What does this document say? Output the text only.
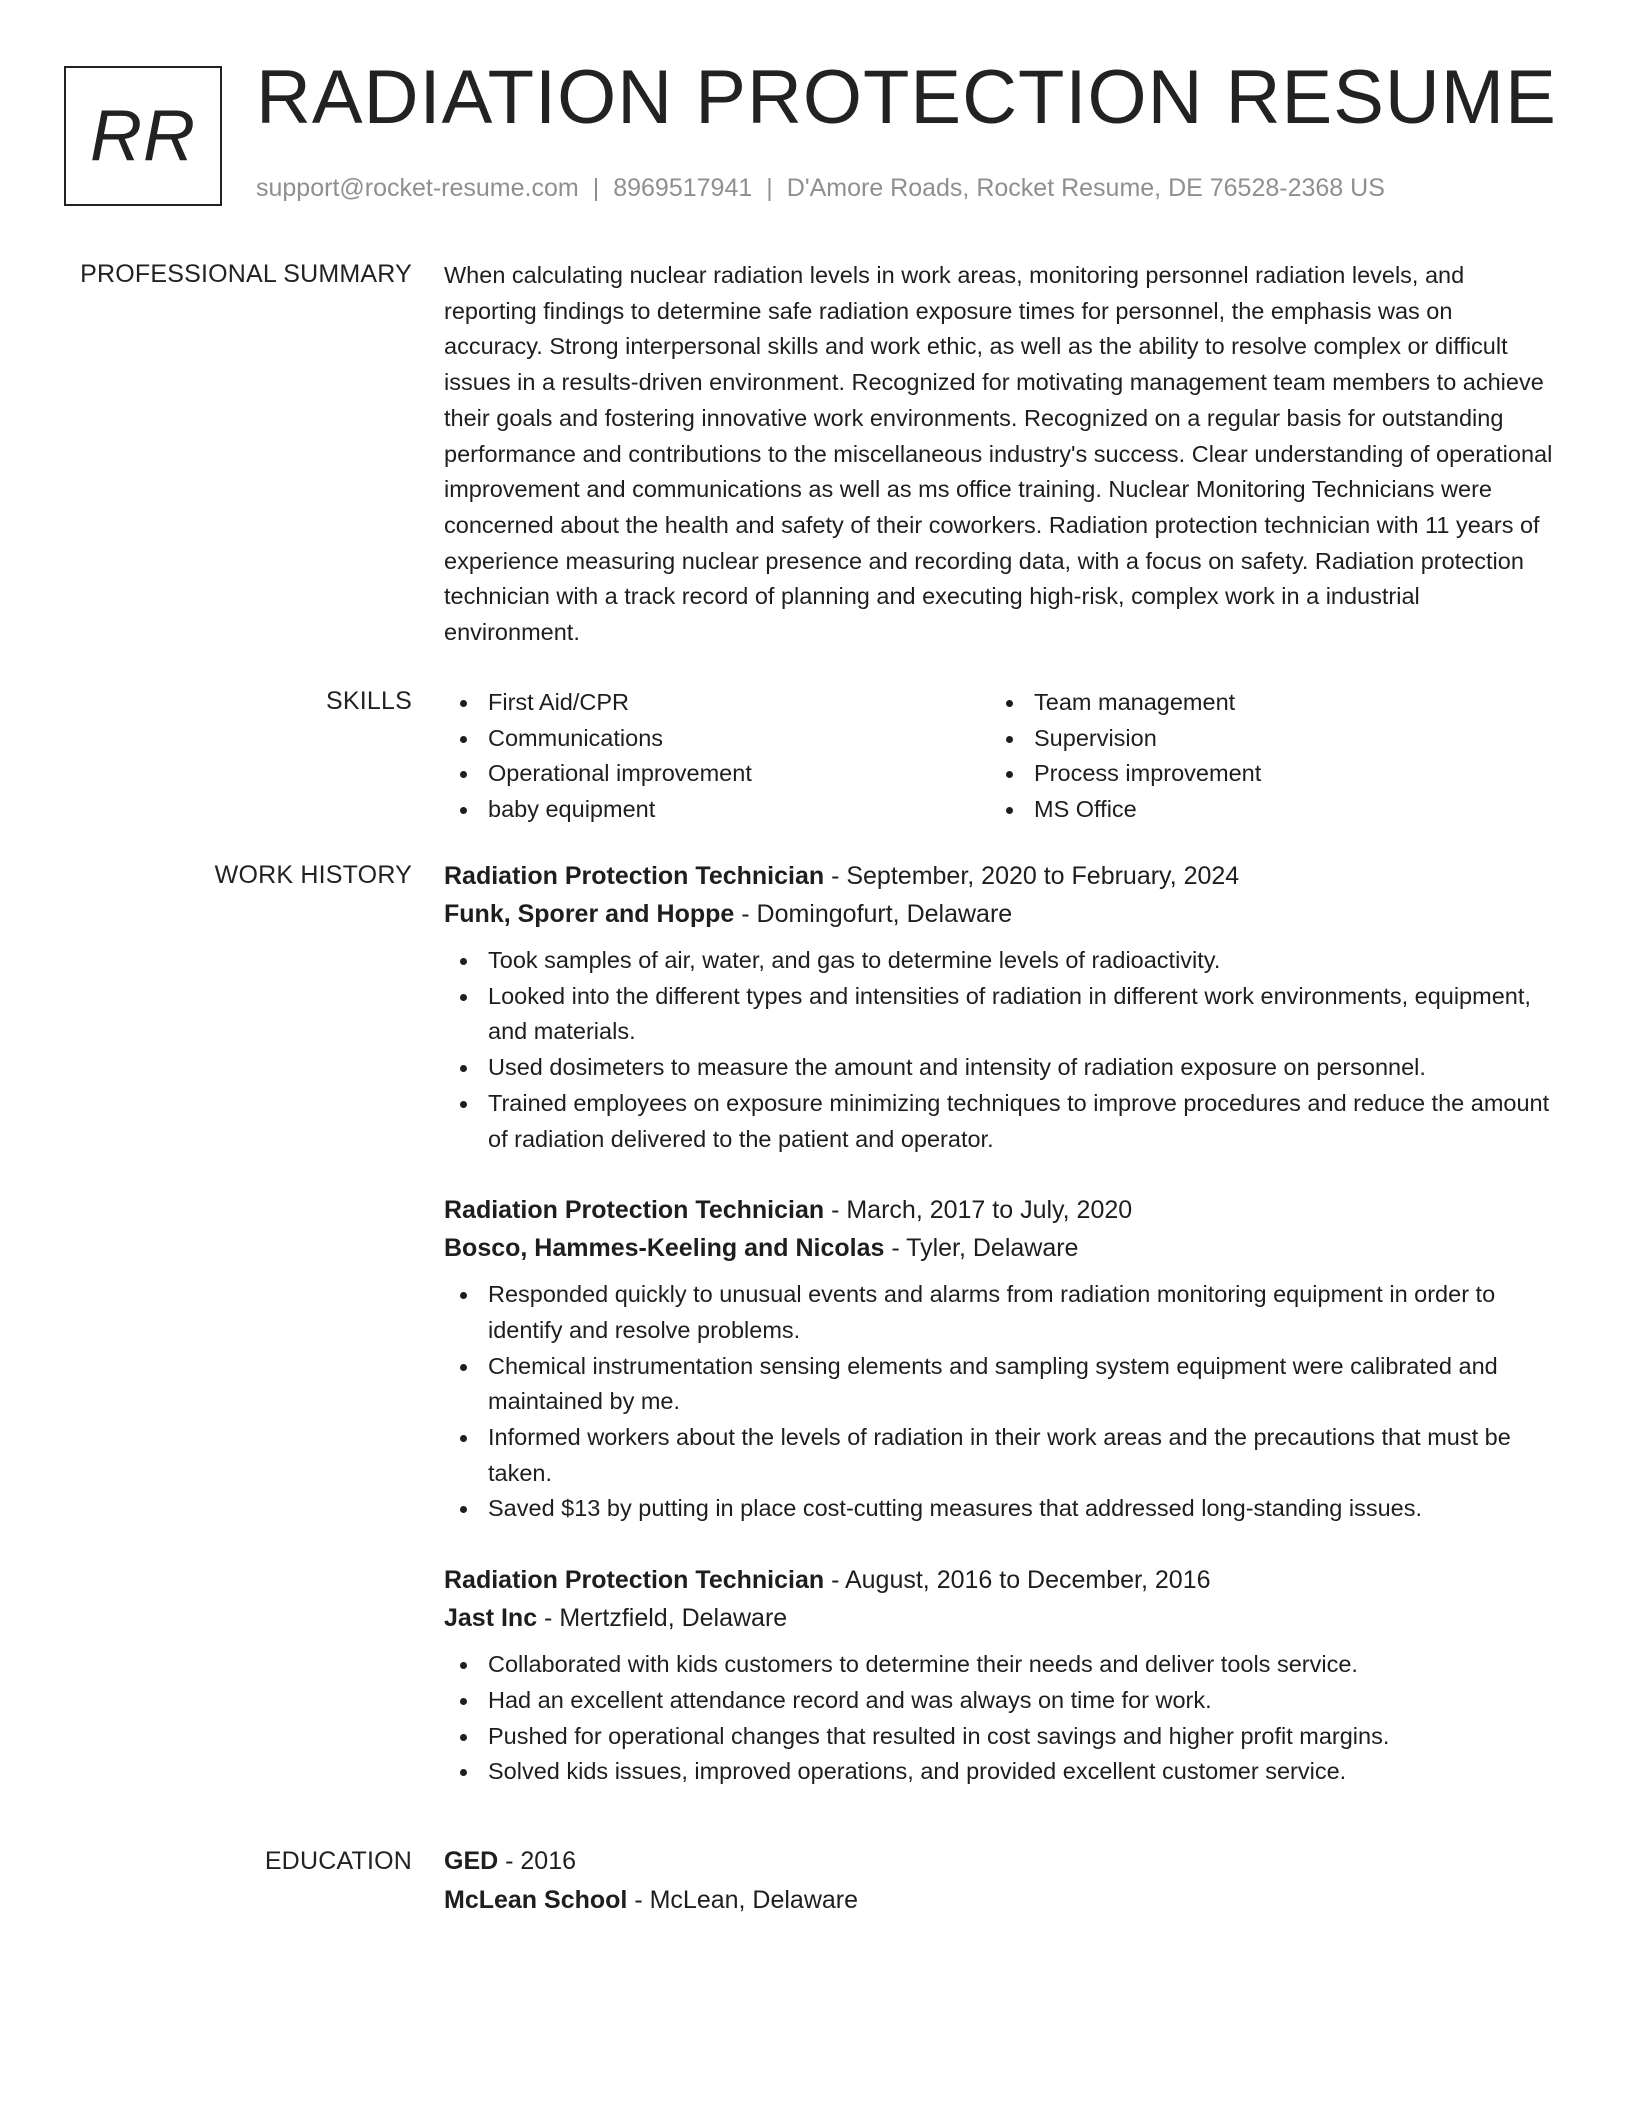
RR RADIATION PROTECTION RESUME
support@rocket-resume.com | 8969517941 | D'Amore Roads, Rocket Resume, DE 76528-2368 US
PROFESSIONAL SUMMARY When calculating nuclear radiation levels in work areas, monitoring personnel radiation levels, and reporting findings to determine safe radiation exposure times for personnel, the emphasis was on accuracy. Strong interpersonal skills and work ethic, as well as the ability to resolve complex or difficult issues in a results-driven environment. Recognized for motivating management team members to achieve their goals and fostering innovative work environments. Recognized on a regular basis for outstanding performance and contributions to the miscellaneous industry's success. Clear understanding of operational improvement and communications as well as ms office training. Nuclear Monitoring Technicians were concerned about the health and safety of their coworkers. Radiation protection technician with 11 years of experience measuring nuclear presence and recording data, with a focus on safety. Radiation protection technician with a track record of planning and executing high-risk, complex work in a industrial environment.

SKILLS	First Aid/CPR
Communications
Operational improvement
baby equipment
Team management
Supervision
Process improvement
MS Office
WORK HISTORY Radiation Protection Technician - September, 2020 to February, 2024
Funk, Sporer and Hoppe - Domingofurt, Delaware
Took samples of air, water, and gas to determine levels of radioactivity.
Looked into the different types and intensities of radiation in different work environments, equipment, and materials.
Used dosimeters to measure the amount and intensity of radiation exposure on personnel.
Trained employees on exposure minimizing techniques to improve procedures and reduce the amount of radiation delivered to the patient and operator.
Radiation Protection Technician - March, 2017 to July, 2020
Bosco, Hammes-Keeling and Nicolas - Tyler, Delaware
Responded quickly to unusual events and alarms from radiation monitoring equipment in order to identify and resolve problems.
Chemical instrumentation sensing elements and sampling system equipment were calibrated and maintained by me.
Informed workers about the levels of radiation in their work areas and the precautions that must be taken.
Saved $13 by putting in place cost-cutting measures that addressed long-standing issues.
Radiation Protection Technician - August, 2016 to December, 2016
Jast Inc - Mertzfield, Delaware
Collaborated with kids customers to determine their needs and deliver tools service.
Had an excellent attendance record and was always on time for work.
Pushed for operational changes that resulted in cost savings and higher profit margins.
Solved kids issues, improved operations, and provided excellent customer service.
EDUCATION GED - 2016
McLean School - McLean, Delaware
